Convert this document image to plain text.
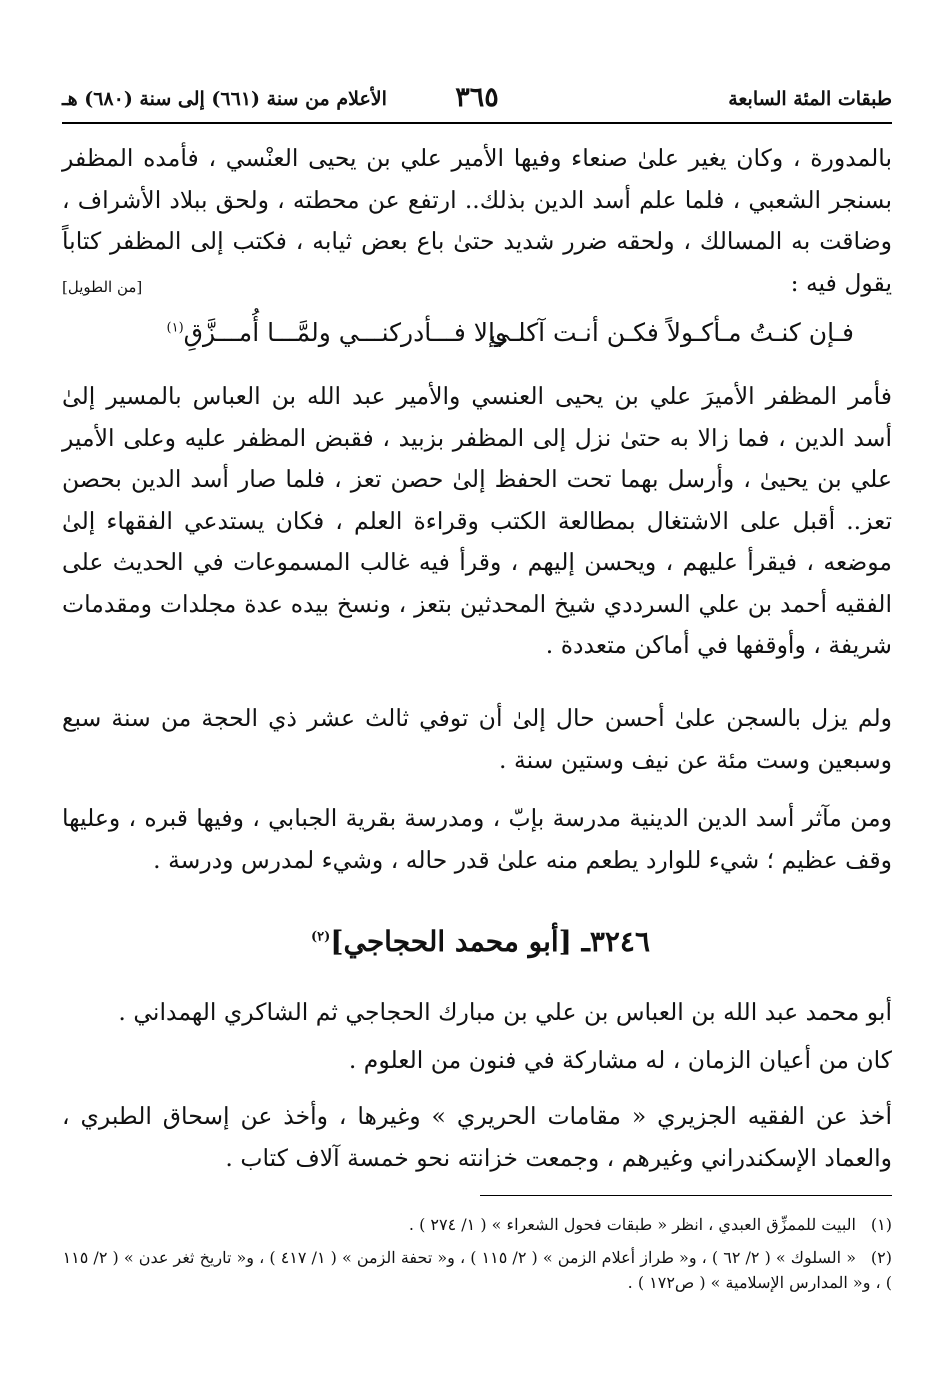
طبقات المئة السابعة
٣٦٥
الأعلام من سنة (٦٦١) إلى سنة (٦٨٠) هـ
بالمدورة ، وكان يغير علىٰ صنعاء وفيها الأمير علي بن يحيى العنْسي ، فأمده المظفر بسنجر الشعبي ، فلما علم أسد الدين بذلك.. ارتفع عن محطته ، ولحق ببلاد الأشراف ، وضاقت به المسالك ، ولحقه ضرر شديد حتىٰ باع بعض ثيابه ، فكتب إلى المظفر كتاباً يقول فيه :
[من الطويل]
فـإن كنـتُ مـأكـولاً فكـن أنـت آكلـي
وإلا فـــأدركنـــي ولمَّـــا أُمـــزَّقِ$^{(١)}$
فأمر المظفر الأميرَ علي بن يحيى العنسي والأمير عبد الله بن العباس بالمسير إلىٰ أسد الدين ، فما زالا به حتىٰ نزل إلى المظفر بزبيد ، فقبض المظفر عليه وعلى الأمير علي بن يحيىٰ ، وأرسل بهما تحت الحفظ إلىٰ حصن تعز ، فلما صار أسد الدين بحصن تعز.. أقبل على الاشتغال بمطالعة الكتب وقراءة العلم ، فكان يستدعي الفقهاء إلىٰ موضعه ، فيقرأ عليهم ، ويحسن إليهم ، وقرأ فيه غالب المسموعات في الحديث على الفقيه أحمد بن علي السرددي شيخ المحدثين بتعز ، ونسخ بيده عدة مجلدات ومقدمات شريفة ، وأوقفها في أماكن متعددة .
ولم يزل بالسجن علىٰ أحسن حال إلىٰ أن توفي ثالث عشر ذي الحجة من سنة سبع وسبعين وست مئة عن نيف وستين سنة .
ومن مآثر أسد الدين الدينية مدرسة بإبّ ، ومدرسة بقرية الجبابي ، وفيها قبره ، وعليها وقف عظيم ؛ شيء للوارد يطعم منه علىٰ قدر حاله ، وشيء لمدرس ودرسة .
٣٢٤٦ـ [أبو محمد الحجاجي]$^{(٢)}$
أبو محمد عبد الله بن العباس بن علي بن مبارك الحجاجي ثم الشاكري الهمداني .
كان من أعيان الزمان ، له مشاركة في فنون من العلوم .
أخذ عن الفقيه الجزيري « مقامات الحريري » وغيرها ، وأخذ عن إسحاق الطبري ، والعماد الإسكندراني وغيرهم ، وجمعت خزانته نحو خمسة آلاف كتاب .
(١)البيت للممزِّق العبدي ، انظر « طبقات فحول الشعراء » ( ١/ ٢٧٤ ) .
(٢)« السلوك » ( ٢/ ٦٢ ) ، و« طراز أعلام الزمن » ( ٢/ ١١٥ ) ، و« تحفة الزمن » ( ١/ ٤١٧ ) ، و« تاريخ ثغر عدن » ( ٢/ ١١٥ ) ، و« المدارس الإسلامية » ( ص١٧٢ ) .
